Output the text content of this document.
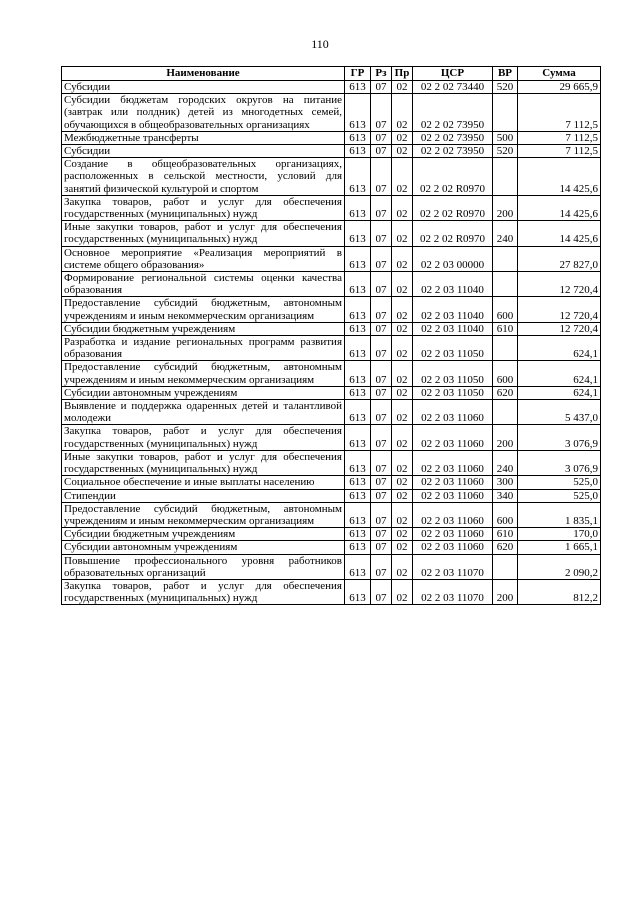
110
Наименование	ГР	Рз	Пр	ЦСР	ВР	Сумма
Субсидии	613	07	02	02 2 02 73440	520	29 665,9
Субсидии бюджетам городских округов на питание (завтрак или полдник) детей из многодетных семей, обучающихся в общеобразовательных организациях	613	07	02	02 2 02 73950		7 112,5
Межбюджетные трансферты	613	07	02	02 2 02 73950	500	7 112,5
Субсидии	613	07	02	02 2 02 73950	520	7 112,5
Создание в общеобразовательных организациях, расположенных в сельской местности, условий для занятий физической культурой и спортом	613	07	02	02 2 02 R0970		14 425,6
Закупка товаров, работ и услуг для обеспечения государственных (муниципальных) нужд	613	07	02	02 2 02 R0970	200	14 425,6
Иные закупки товаров, работ и услуг для обеспечения государственных (муниципальных) нужд	613	07	02	02 2 02 R0970	240	14 425,6
Основное мероприятие «Реализация мероприятий в системе общего образования»	613	07	02	02 2 03 00000		27 827,0
Формирование региональной системы оценки качества образования	613	07	02	02 2 03 11040		12 720,4
Предоставление субсидий бюджетным, автономным учреждениям и иным некоммерческим организациям	613	07	02	02 2 03 11040	600	12 720,4
Субсидии бюджетным учреждениям	613	07	02	02 2 03 11040	610	12 720,4
Разработка и издание региональных программ развития образования	613	07	02	02 2 03 11050		624,1
Предоставление субсидий бюджетным, автономным учреждениям и иным некоммерческим организациям	613	07	02	02 2 03 11050	600	624,1
Субсидии автономным учреждениям	613	07	02	02 2 03 11050	620	624,1
Выявление и поддержка одаренных детей и талантливой молодежи	613	07	02	02 2 03 11060		5 437,0
Закупка товаров, работ и услуг для обеспечения государственных (муниципальных) нужд	613	07	02	02 2 03 11060	200	3 076,9
Иные закупки товаров, работ и услуг для обеспечения государственных (муниципальных) нужд	613	07	02	02 2 03 11060	240	3 076,9
Социальное обеспечение и иные выплаты населению	613	07	02	02 2 03 11060	300	525,0
Стипендии	613	07	02	02 2 03 11060	340	525,0
Предоставление субсидий бюджетным, автономным учреждениям и иным некоммерческим организациям	613	07	02	02 2 03 11060	600	1 835,1
Субсидии бюджетным учреждениям	613	07	02	02 2 03 11060	610	170,0
Субсидии автономным учреждениям	613	07	02	02 2 03 11060	620	1 665,1
Повышение профессионального уровня работников образовательных организаций	613	07	02	02 2 03 11070		2 090,2
Закупка товаров, работ и услуг для обеспечения государственных (муниципальных) нужд	613	07	02	02 2 03 11070	200	812,2
